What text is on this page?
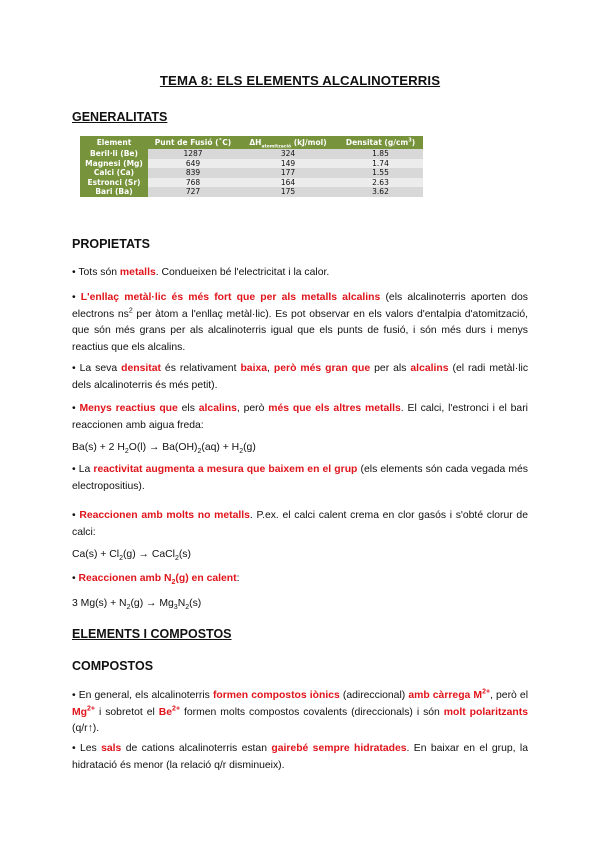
TEMA 8: ELS ELEMENTS ALCALINOTERRIS
GENERALITATS
Element	Punt de Fusió (˚C)	$\Delta H_{atomització}$ (kJ/mol)	Densitat $(g/cm^3)$
Beril·li (Be)	1287	324	1.85
Magnesi (Mg)	649	149	1.74
Calci (Ca)	839	177	1.55
Estronci (Sr)	768	164	2.63
Bari (Ba)	727	175	3.62
PROPIETATS
• Tots són metalls. Condueixen bé l'electricitat i la calor.
• L'enllaç metàl·lic és més fort que per als metalls alcalins (els alcalinoterris aporten dos electrons $ns^2$ per àtom a l'enllaç metàl·lic). Es pot observar en els valors d'entalpia d'atomització, que són més grans per als alcalinoterris igual que els punts de fusió, i són més durs i menys reactius que els alcalins.
• La seva densitat és relativament baixa, però més gran que per als alcalins (el radi metàl·lic dels alcalinoterris és més petit).
• Menys reactius que els alcalins, però més que els altres metalls. El calci, l'estronci i el bari reaccionen amb aigua freda:
Ba(s) + 2 $H_2O(l) \to Ba(OH)_2(aq) + H_2(g)$
• La reactivitat augmenta a mesura que baixem en el grup (els elements són cada vegada més electropositius).
• Reaccionen amb molts no metalls. P.ex. el calci calent crema en clor gasós i s'obté clorur de calci:
$Ca(s) + Cl_2(g)$ → CaCl$_2$(s)
• Reaccionen amb $N_2(g)$ en calent:
3 $Mg(s) + N_2(g) \to Mg_3N_2(s)$
ELEMENTS I COMPOSTOS
COMPOSTOS
• En general, els alcalinoterris formen compostos iònics (adireccional) amb càrrega $M^{2+}$, però el $Mg^{2+}$ i sobretot el $Be^{2+}$ formen molts compostos covalents (direccionals) i són molt polaritzants (q/r↑).
• Les sals de cations alcalinoterris estan gairebé sempre hidratades. En baixar en el grup, la hidratació és menor (la relació q/r disminueix).
